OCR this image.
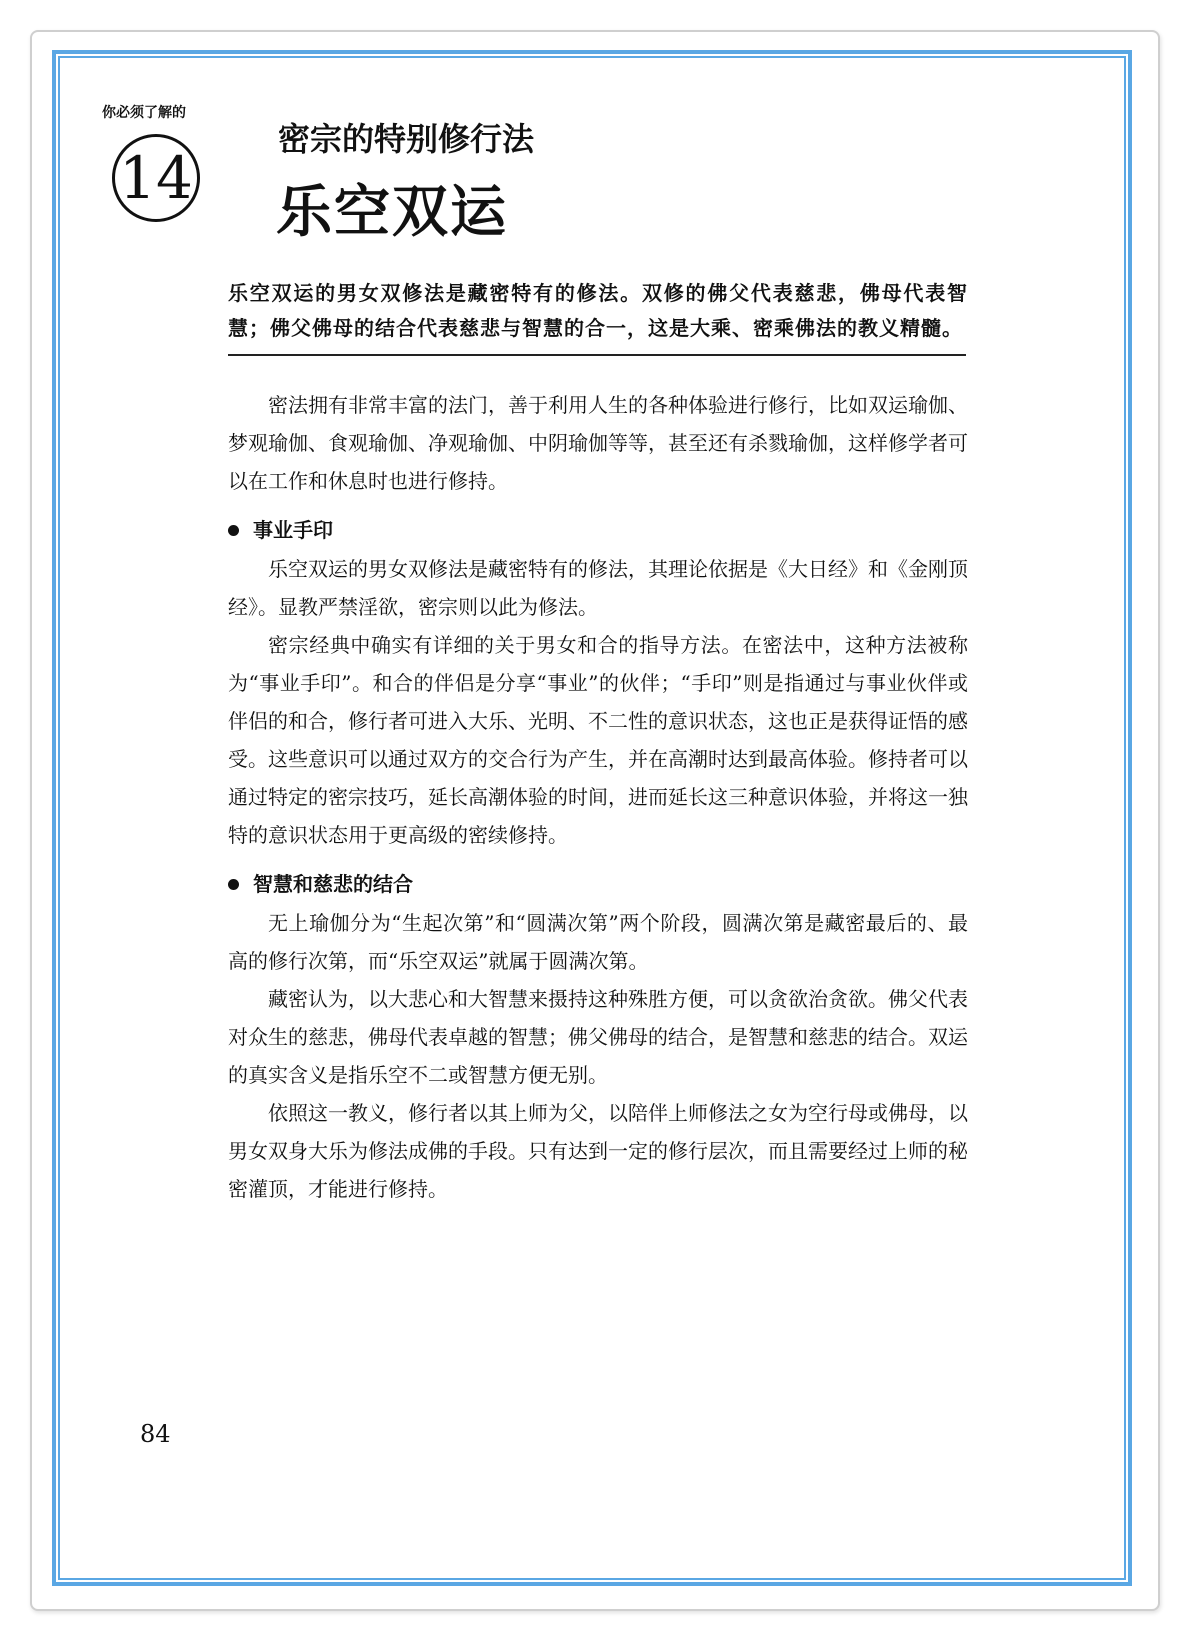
你必须了解的
14
密宗的特别修行法
乐空双运
乐空双运的男女双修法是藏密特有的修法。双修的佛父代表慈悲，佛母代表智慧；佛父佛母的结合代表慈悲与智慧的合一，这是大乘、密乘佛法的教义精髓。

密法拥有非常丰富的法门，善于利用人生的各种体验进行修行，比如双运瑜伽、梦观瑜伽、食观瑜伽、净观瑜伽、中阴瑜伽等等，甚至还有杀戮瑜伽，这样修学者可以在工作和休息时也进行修持。

事业手印

乐空双运的男女双修法是藏密特有的修法，其理论依据是《大日经》和《金刚顶经》。显教严禁淫欲，密宗则以此为修法。

密宗经典中确实有详细的关于男女和合的指导方法。在密法中，这种方法被称为“事业手印”。和合的伴侣是分享“事业”的伙伴；“手印”则是指通过与事业伙伴或伴侣的和合，修行者可进入大乐、光明、不二性的意识状态，这也正是获得证悟的感受。这些意识可以通过双方的交合行为产生，并在高潮时达到最高体验。修持者可以通过特定的密宗技巧，延长高潮体验的时间，进而延长这三种意识体验，并将这一独特的意识状态用于更高级的密续修持。

智慧和慈悲的结合

无上瑜伽分为“生起次第”和“圆满次第”两个阶段，圆满次第是藏密最后的、最高的修行次第，而“乐空双运”就属于圆满次第。

藏密认为，以大悲心和大智慧来摄持这种殊胜方便，可以贪欲治贪欲。佛父代表对众生的慈悲，佛母代表卓越的智慧；佛父佛母的结合，是智慧和慈悲的结合。双运的真实含义是指乐空不二或智慧方便无别。

依照这一教义，修行者以其上师为父，以陪伴上师修法之女为空行母或佛母，以男女双身大乐为修法成佛的手段。只有达到一定的修行层次，而且需要经过上师的秘密灌顶，才能进行修持。

84
